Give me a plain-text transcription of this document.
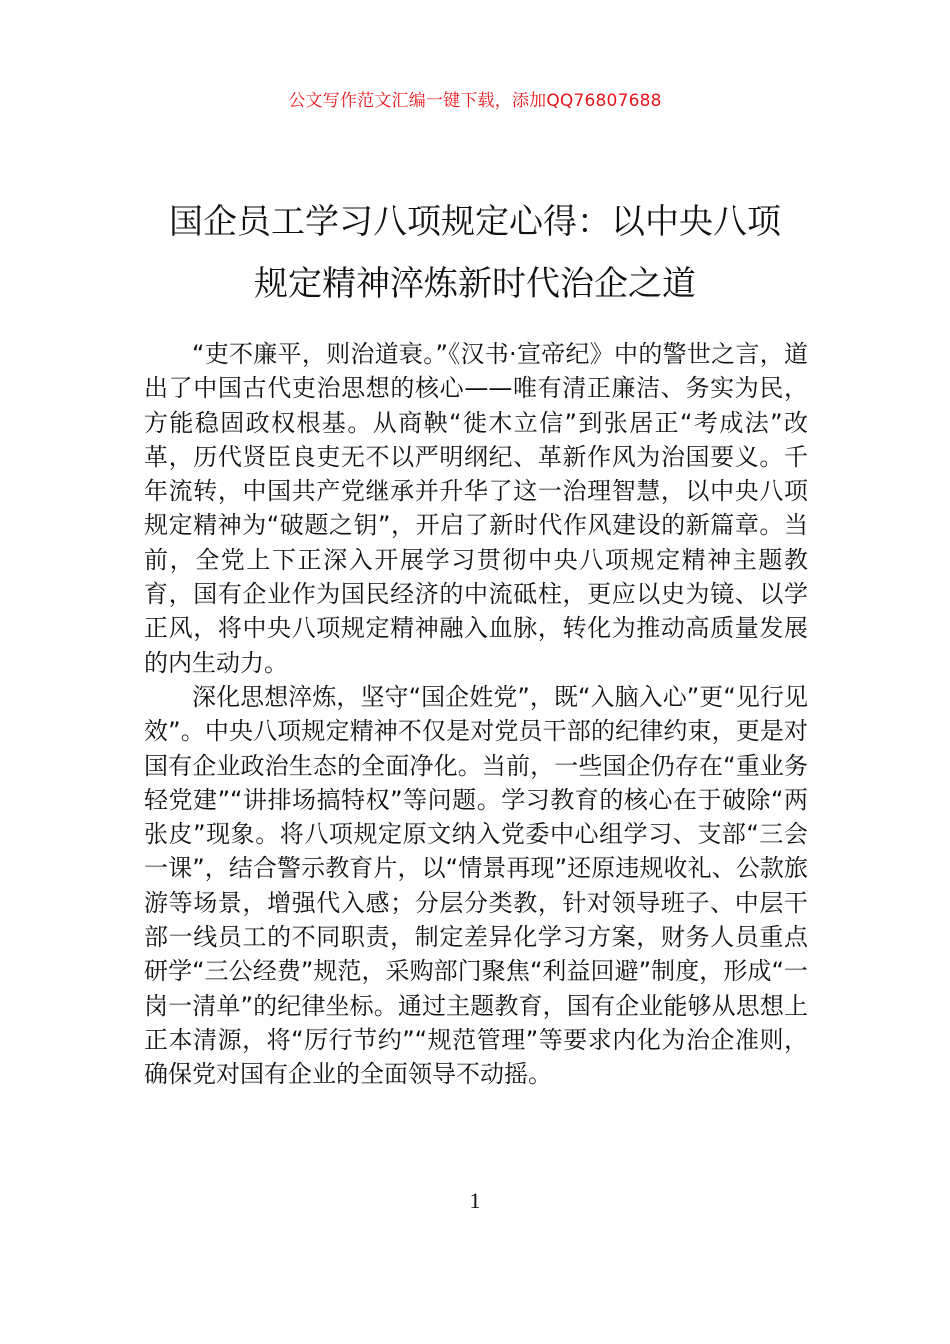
公文写作范文汇编一键下载，添加QQ76807688
国企员工学习八项规定心得：以中央八项
规定精神淬炼新时代治企之道

“吏不廉平，则治道衰。”《汉书·宣帝纪》中的警世之言，道出了中国古代吏治思想的核心——唯有清正廉洁、务实为民，方能稳固政权根基。从商鞅“徙木立信”到张居正“考成法”改革，历代贤臣良吏无不以严明纲纪、革新作风为治国要义。千年流转，中国共产党继承并升华了这一治理智慧，以中央八项规定精神为“破题之钥”，开启了新时代作风建设的新篇章。当前，全党上下正深入开展学习贯彻中央八项规定精神主题教育，国有企业作为国民经济的中流砥柱，更应以史为镜、以学正风，将中央八项规定精神融入血脉，转化为推动高质量发展的内生动力。

深化思想淬炼，坚守“国企姓党”，既“入脑入心”更“见行见效”。中央八项规定精神不仅是对党员干部的纪律约束，更是对国有企业政治生态的全面净化。当前，一些国企仍存在“重业务轻党建”“讲排场搞特权”等问题。学习教育的核心在于破除“两张皮”现象。将八项规定原文纳入党委中心组学习、支部“三会一课”，结合警示教育片，以“情景再现”还原违规收礼、公款旅游等场景，增强代入感；分层分类教，针对领导班子、中层干部一线员工的不同职责，制定差异化学习方案，财务人员重点研学“三公经费”规范，采购部门聚焦“利益回避”制度，形成“一岗一清单”的纪律坐标。通过主题教育，国有企业能够从思想上正本清源，将“厉行节约”“规范管理”等要求内化为治企准则，确保党对国有企业的全面领导不动摇。

1
